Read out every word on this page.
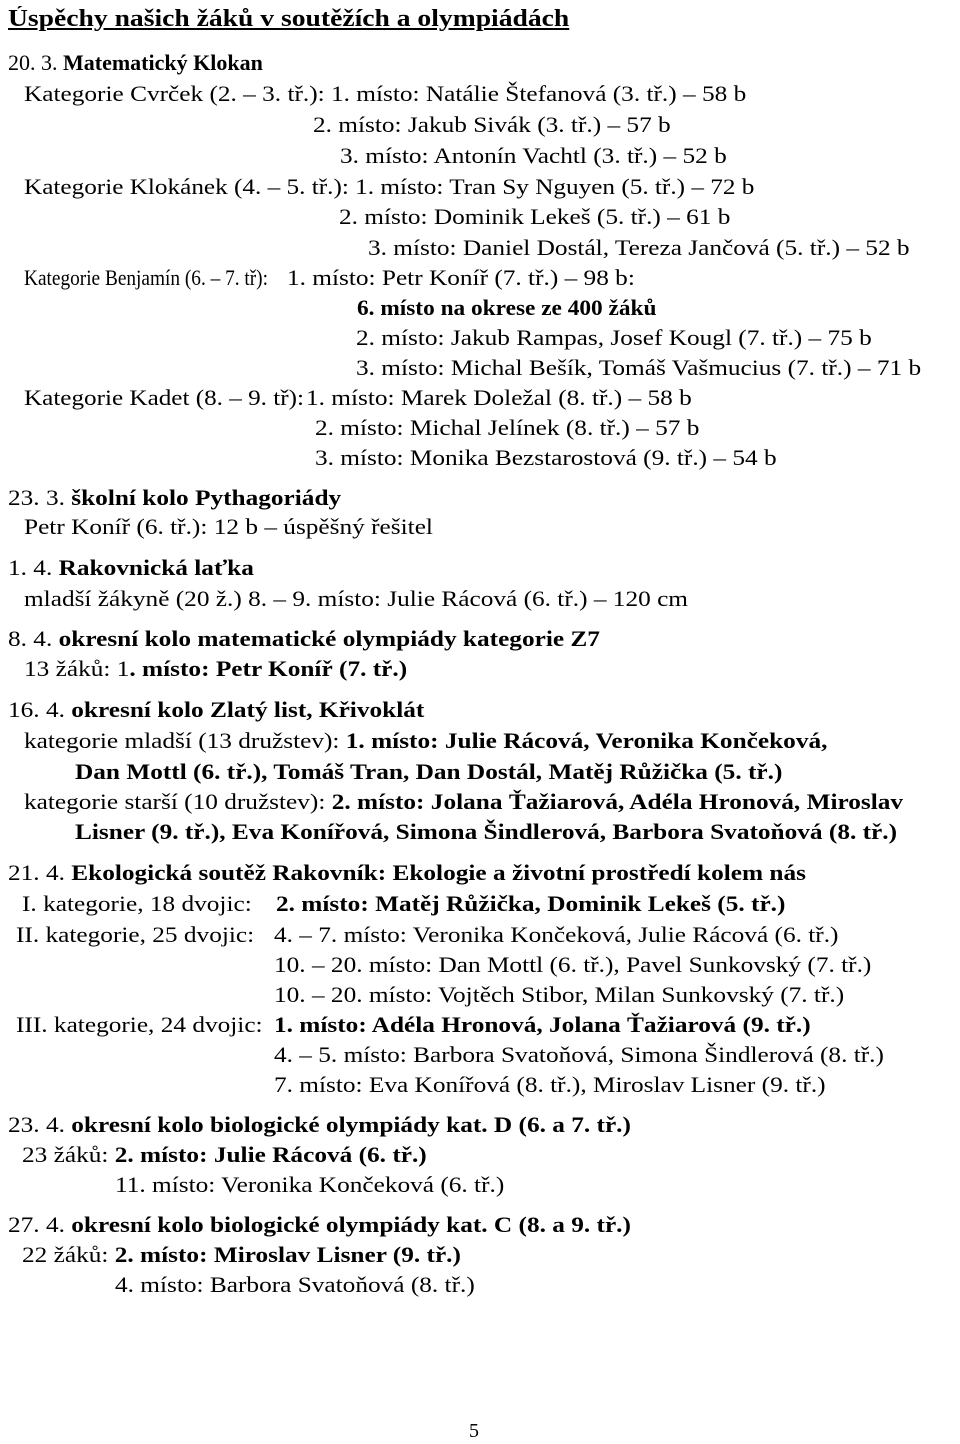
Úspěchy našich žáků v soutěžích a olympiádách
20. 3. Matematický Klokan
Kategorie Cvrček (2. – 3. tř.): 1. místo: Natálie Štefanová (3. tř.) – 58 b
2. místo: Jakub Sivák (3. tř.) – 57 b
3. místo: Antonín Vachtl (3. tř.) – 52 b
Kategorie Klokánek (4. – 5. tř.): 1. místo: Tran Sy Nguyen (5. tř.) – 72 b
2. místo: Dominik Lekeš (5. tř.) – 61 b
3. místo: Daniel Dostál, Tereza Jančová (5. tř.) – 52 b
Kategorie Benjamín (6. – 7. tř): 1. místo: Petr Koníř (7. tř.) – 98 b:
6. místo na okrese ze 400 žáků
2. místo: Jakub Rampas, Josef Kougl (7. tř.) – 75 b
3. místo: Michal Bešík, Tomáš Vašmucius (7. tř.) – 71 b
Kategorie Kadet (8. – 9. tř): 1. místo: Marek Doležal (8. tř.) – 58 b
2. místo: Michal Jelínek (8. tř.) – 57 b
3. místo: Monika Bezstarostová (9. tř.) – 54 b
23. 3. školní kolo Pythagoriády
Petr Koníř (6. tř.): 12 b – úspěšný řešitel
1. 4. Rakovnická laťka
mladší žákyně (20 ž.) 8. – 9. místo: Julie Rácová (6. tř.) – 120 cm
8. 4. okresní kolo matematické olympiády kategorie Z7
13 žáků: 1. místo: Petr Koníř (7. tř.)
16. 4. okresní kolo Zlatý list, Křivoklát
kategorie mladší (13 družstev): 1. místo: Julie Rácová, Veronika Končeková,
Dan Mottl (6. tř.), Tomáš Tran, Dan Dostál, Matěj Růžička (5. tř.)
kategorie starší (10 družstev): 2. místo: Jolana Ťažiarová, Adéla Hronová, Miroslav
Lisner (9. tř.), Eva Konířová, Simona Šindlerová, Barbora Svatoňová (8. tř.)
21. 4. Ekologická soutěž Rakovník: Ekologie a životní prostředí kolem nás
I. kategorie, 18 dvojic: 2. místo: Matěj Růžička, Dominik Lekeš (5. tř.)
II. kategorie, 25 dvojic: 4. – 7. místo: Veronika Končeková, Julie Rácová (6. tř.)
10. – 20. místo: Dan Mottl (6. tř.), Pavel Sunkovský (7. tř.)
10. – 20. místo: Vojtěch Stibor, Milan Sunkovský (7. tř.)
III. kategorie, 24 dvojic: 1. místo: Adéla Hronová, Jolana Ťažiarová (9. tř.)
4. – 5. místo: Barbora Svatoňová, Simona Šindlerová (8. tř.)
7. místo: Eva Konířová (8. tř.), Miroslav Lisner (9. tř.)
23. 4. okresní kolo biologické olympiády kat. D (6. a 7. tř.)
23 žáků: 2. místo: Julie Rácová (6. tř.)
11. místo: Veronika Končeková (6. tř.)
27. 4. okresní kolo biologické olympiády kat. C (8. a 9. tř.)
22 žáků: 2. místo: Miroslav Lisner (9. tř.)
4. místo: Barbora Svatoňová (8. tř.)
5
